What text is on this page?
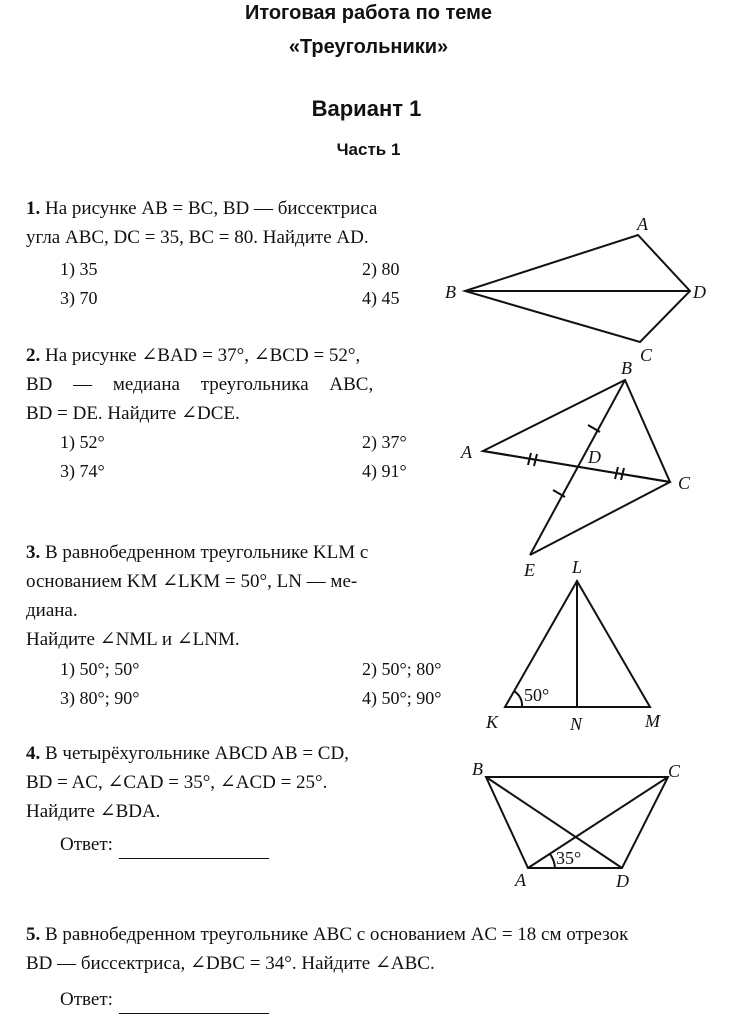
Итоговая работа по теме
«Треугольники»
Вариант 1
Часть 1
1. На рисунке AB = BC, BD — биссектриса
угла ABC, DC = 35, BC = 80. Найдите AD.
1) 35	2) 80
3) 70	4) 45
A
B
C
D
2. На рисунке ∠BAD = 37°, ∠BCD = 52°,
BD — медиана треугольника ABC,
BD = DE. Найдите ∠DCE.
1) 52°	2) 37°
3) 74°	4) 91°
B
A	D
C
E
3. В равнобедренном треугольнике KLM с
основанием KM ∠LKM = 50°, LN — ме-
диана.
Найдите ∠NML и ∠LNM.
1) 50°; 50°	2) 50°; 80°
3) 80°; 90°	4) 50°; 90°
L
K	N	M
50°
4. В четырёхугольнике ABCD AB = CD,
BD = AC, ∠CAD = 35°, ∠ACD = 25°.
Найдите ∠BDA.
Ответ:
B	C
A	D
35°
5. В равнобедренном треугольнике ABC с основанием AC = 18 см отрезок
BD — биссектриса, ∠DBC = 34°. Найдите ∠ABC.
Ответ:
